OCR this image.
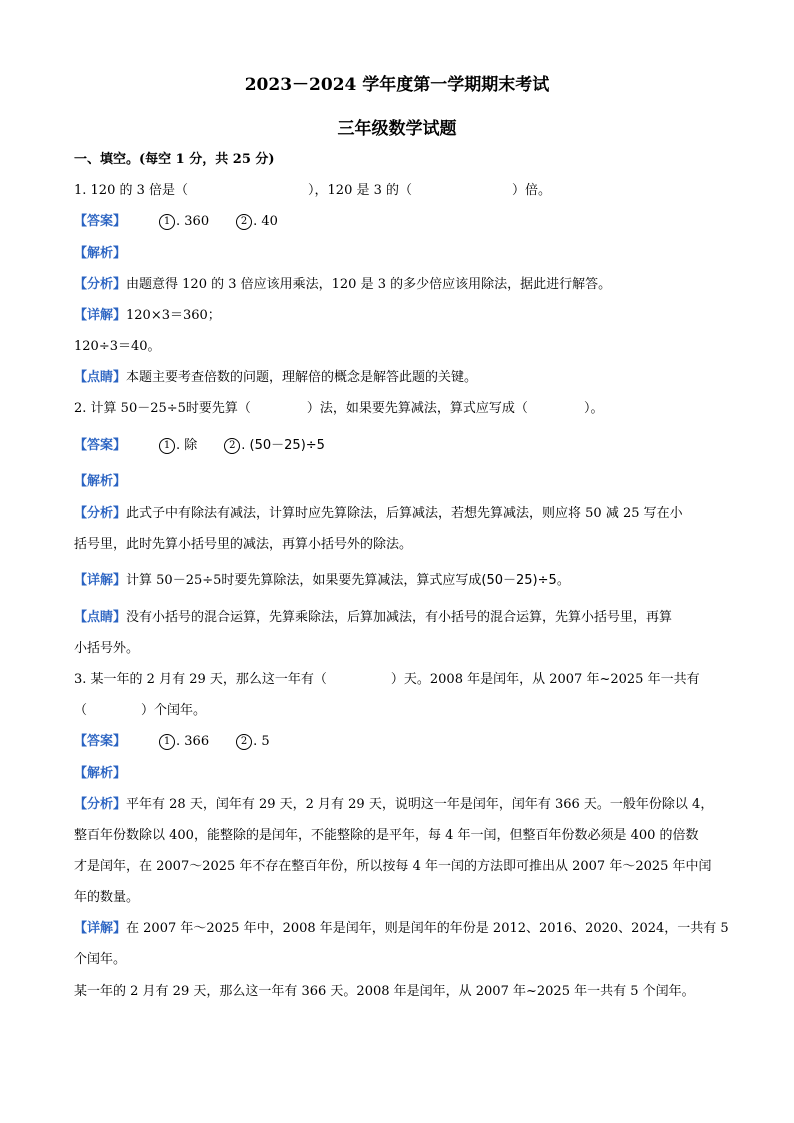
2023－2024 学年度第一学期期末考试
三年级数学试题
一、填空。(每空 1 分，共 25 分)
1. 120 的 3 倍是（	），120 是 3 的（	）倍。
【答案】	1 . 360	2 . 40
【解析】
【分析】由题意得 120 的 3 倍应该用乘法，120 是 3 的多少倍应该用除法，据此进行解答。
【详解】120×3＝360；
120÷3＝40。
【点睛】本题主要考查倍数的问题，理解倍的概念是解答此题的关键。
2. 计算 50－25÷5时要先算（	）法，如果要先算减法，算式应写成（	）。
【答案】	1 . 除	2 . (50－25)÷5
【解析】
【分析】此式子中有除法有减法，计算时应先算除法，后算减法，若想先算减法，则应将 50 减 25 写在小
括号里，此时先算小括号里的减法，再算小括号外的除法。
【详解】计算 50－25÷5时要先算除法，如果要先算减法，算式应写成(50－25)÷5。
【点睛】没有小括号的混合运算，先算乘除法，后算加减法，有小括号的混合运算，先算小括号里，再算
小括号外。
3. 某一年的 2 月有 29 天，那么这一年有（	）天。2008 年是闰年，从 2007 年~2025 年一共有
（	）个闰年。
【答案】	1 . 366	2 . 5
【解析】
【分析】平年有 28 天，闰年有 29 天，2 月有 29 天，说明这一年是闰年，闰年有 366 天。一般年份除以 4，
整百年份数除以 400，能整除的是闰年，不能整除的是平年，每 4 年一闰，但整百年份数必须是 400 的倍数
才是闰年，在 2007～2025 年不存在整百年份，所以按每 4 年一闰的方法即可推出从 2007 年～2025 年中闰
年的数量。
【详解】在 2007 年～2025 年中，2008 年是闰年，则是闰年的年份是 2012、2016、2020、2024，一共有 5
个闰年。
某一年的 2 月有 29 天，那么这一年有 366 天。2008 年是闰年，从 2007 年~2025 年一共有 5 个闰年。
